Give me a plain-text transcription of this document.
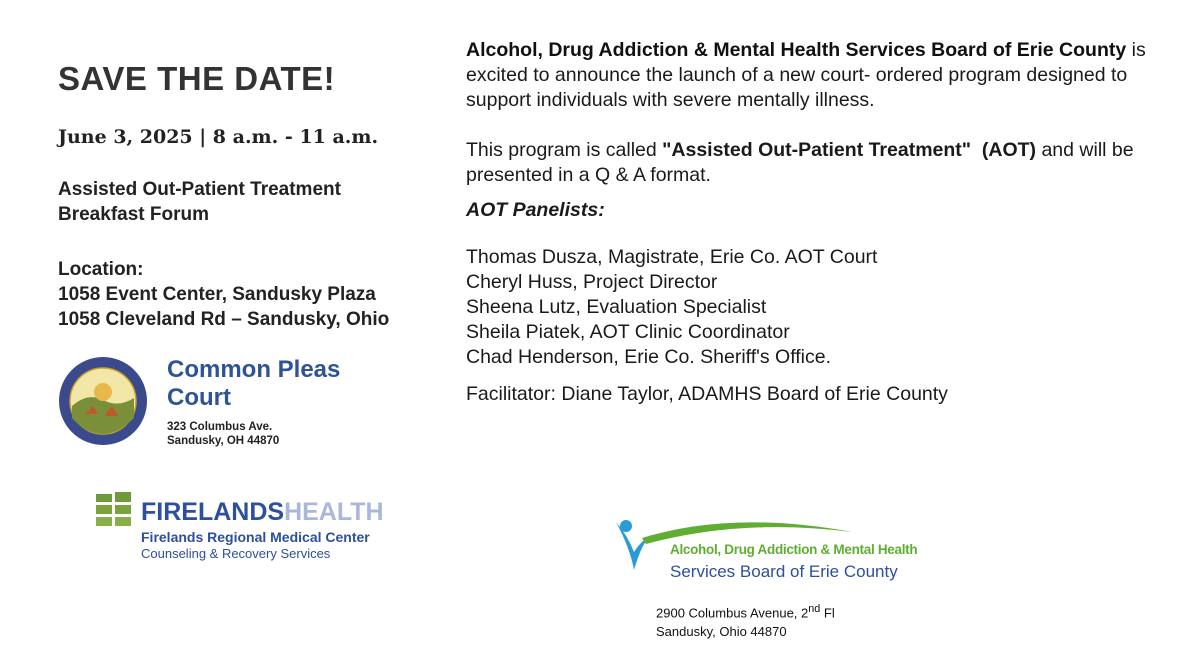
SAVE THE DATE!
June 3, 2025 | 8 a.m. - 11 a.m.
Assisted Out-Patient Treatment
Breakfast Forum
Location:
1058 Event Center, Sandusky Plaza
1058 Cleveland Rd – Sandusky, Ohio
Common Pleas
Court
323 Columbus Ave.
Sandusky, OH 44870
FIRELANDSHEALTH
Firelands Regional Medical Center
Counseling & Recovery Services

Alcohol, Drug Addiction & Mental Health Services Board of Erie County is excited to announce the launch of a new court- ordered program designed to support individuals with severe mentally illness.

This program is called "Assisted Out-Patient Treatment" (AOT) and will be presented in a Q & A format.

AOT Panelists:

Thomas Dusza, Magistrate, Erie Co. AOT Court
Cheryl Huss, Project Director
Sheena Lutz, Evaluation Specialist
Sheila Piatek, AOT Clinic Coordinator
Chad Henderson, Erie Co. Sheriff's Office.

Facilitator: Diane Taylor, ADAMHS Board of Erie County

Alcohol, Drug Addiction & Mental Health
Services Board of Erie County
2900 Columbus Avenue, 2nd Fl
Sandusky, Ohio 44870
